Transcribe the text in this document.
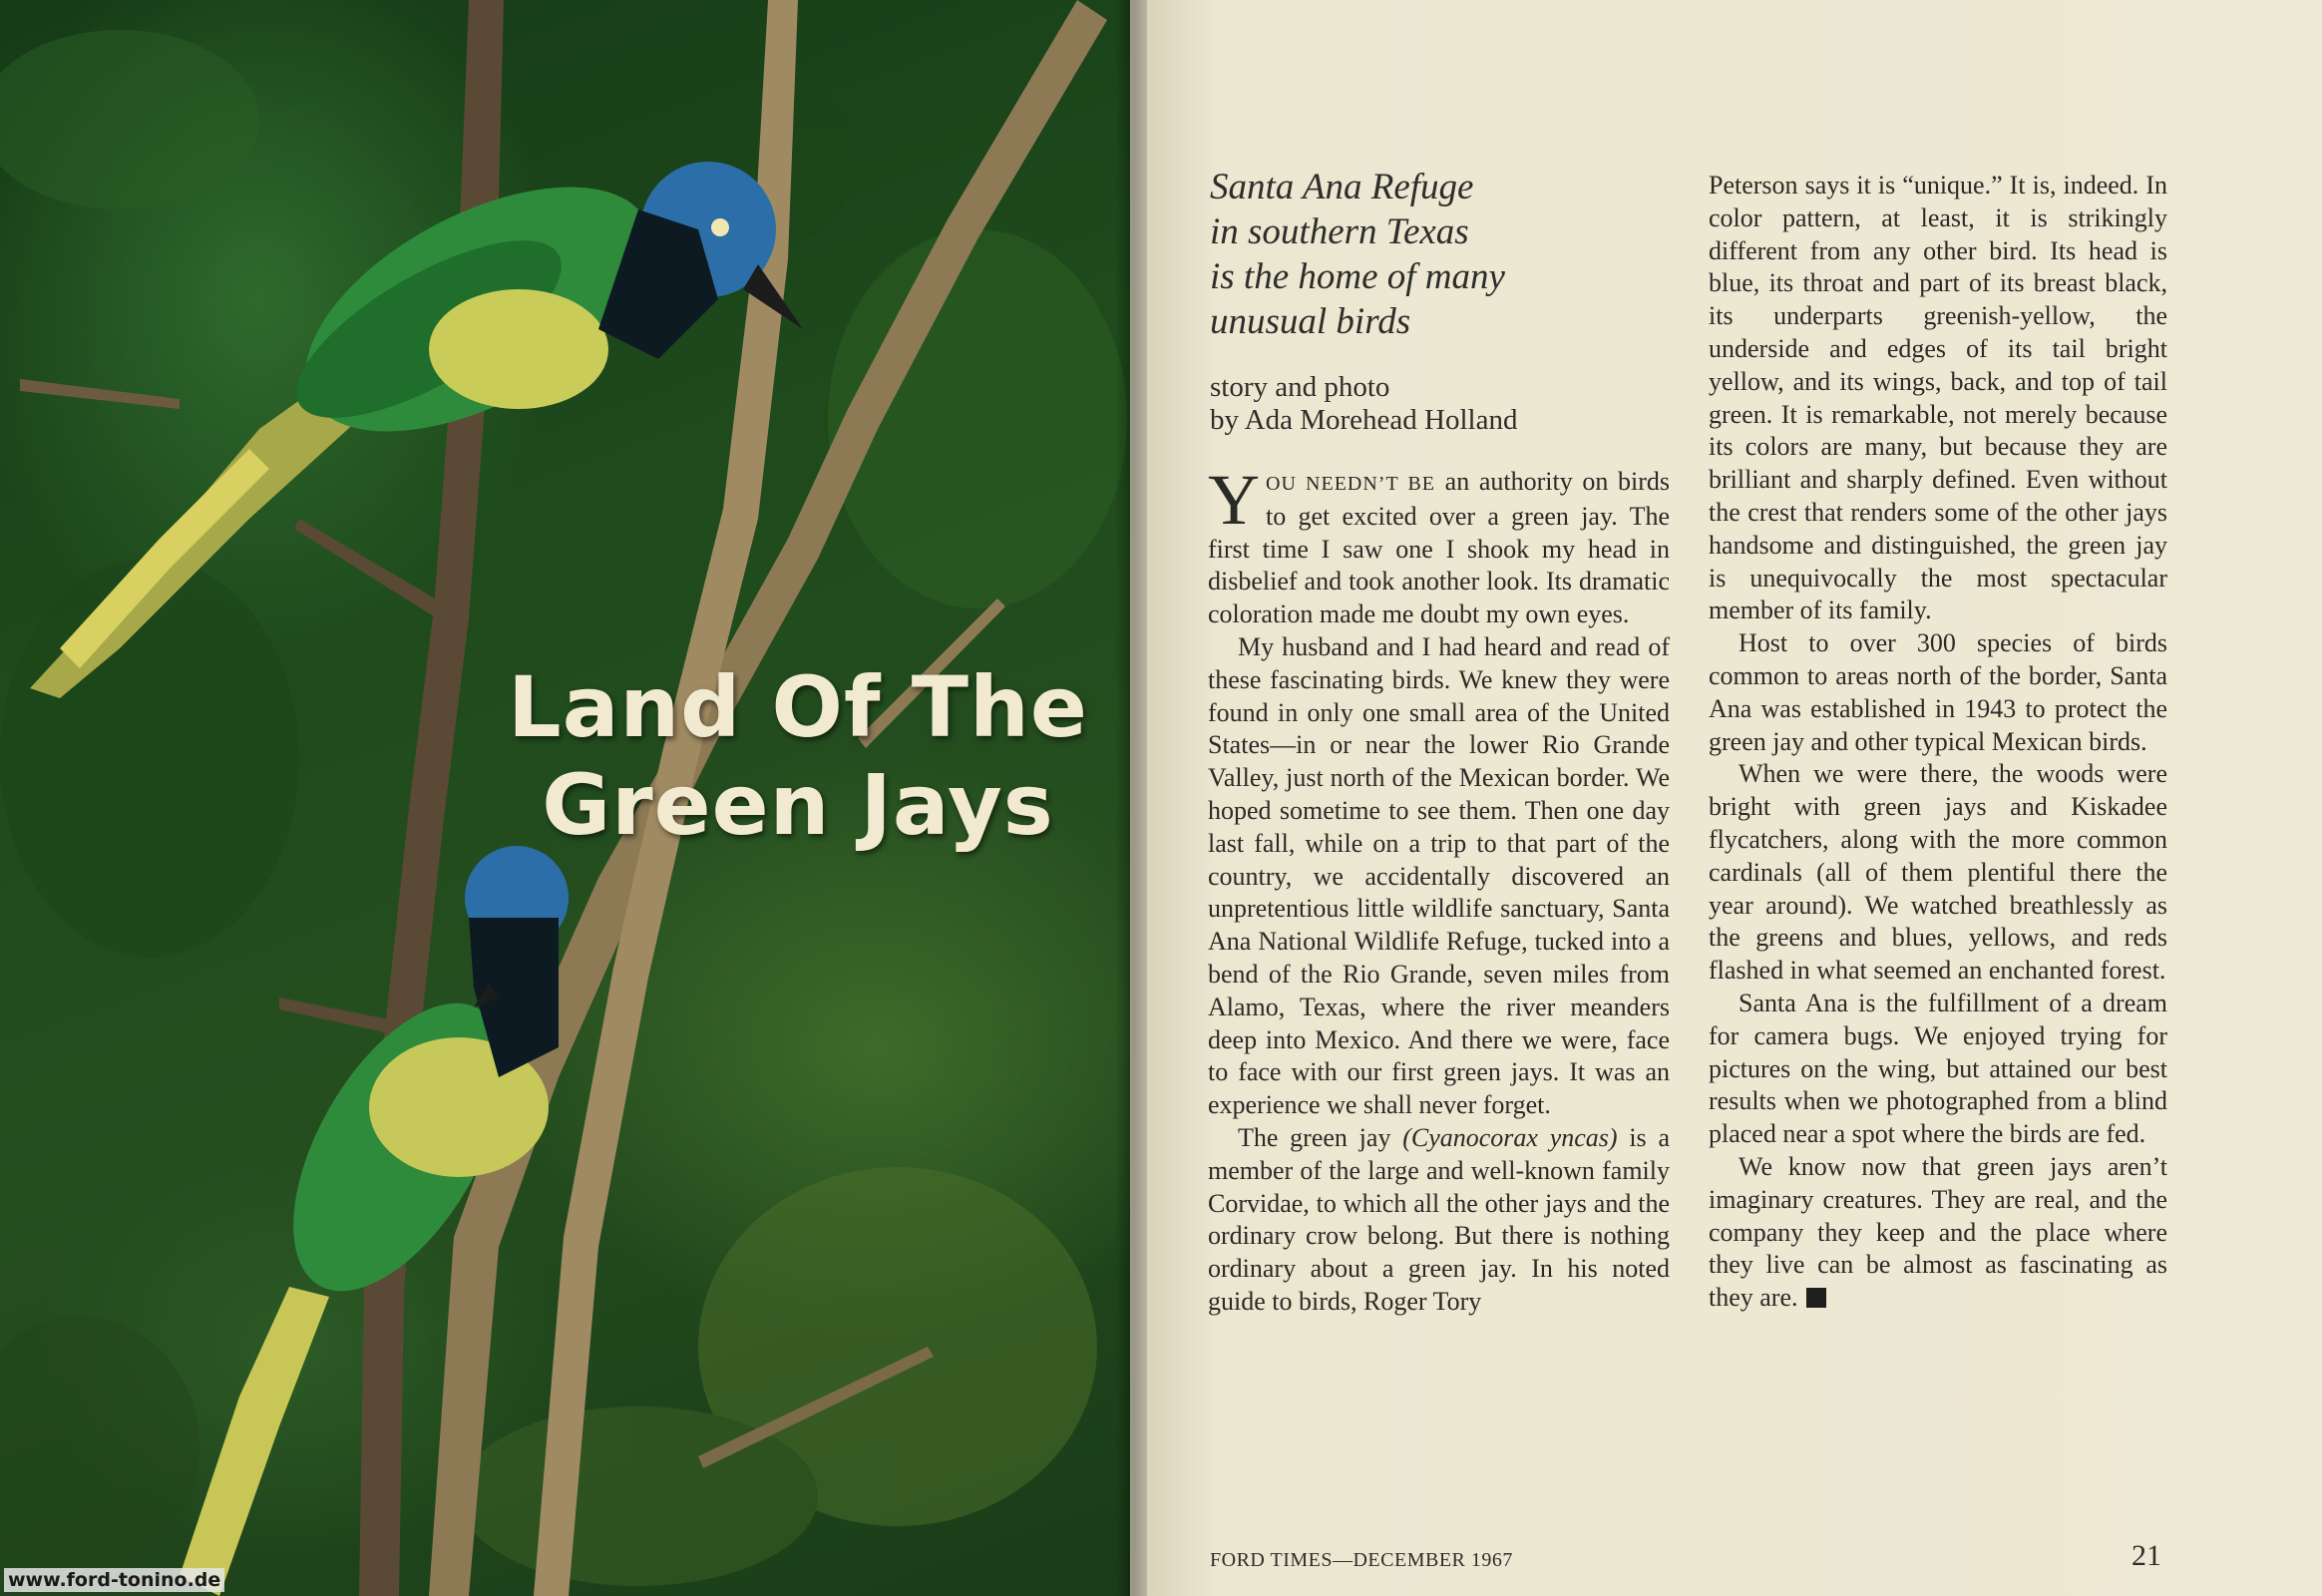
Land Of The
Green Jays
www.ford-tonino.de
Santa Ana Refuge
in southern Texas
is the home of many
unusual birds
story and photo
by Ada Morehead Holland

YOU NEEDN’T BE an authority on birds to get excited over a green jay. The first time I saw one I shook my head in disbelief and took another look. Its dramatic coloration made me doubt my own eyes.

My husband and I had heard and read of these fascinating birds. We knew they were found in only one small area of the United States—in or near the lower Rio Grande Valley, just north of the Mexican border. We hoped sometime to see them. Then one day last fall, while on a trip to that part of the country, we accidentally discovered an unpretentious little wildlife sanctuary, Santa Ana National Wildlife Refuge, tucked into a bend of the Rio Grande, seven miles from Alamo, Texas, where the river meanders deep into Mexico. And there we were, face to face with our first green jays. It was an experience we shall never forget.

The green jay (Cyanocorax yncas) is a member of the large and well-known family Corvidae, to which all the other jays and the ordinary crow belong. But there is nothing ordinary about a green jay. In his noted guide to birds, Roger Tory

Peterson says it is “unique.” It is, indeed. In color pattern, at least, it is strikingly different from any other bird. Its head is blue, its throat and part of its breast black, its underparts greenish-yellow, the underside and edges of its tail bright yellow, and its wings, back, and top of tail green. It is remarkable, not merely because its colors are many, but because they are brilliant and sharply defined. Even without the crest that renders some of the other jays handsome and distinguished, the green jay is unequivocally the most spectacular member of its family.

Host to over 300 species of birds common to areas north of the border, Santa Ana was established in 1943 to protect the green jay and other typical Mexican birds.

When we were there, the woods were bright with green jays and Kiskadee flycatchers, along with the more common cardinals (all of them plentiful there the year around). We watched breathlessly as the greens and blues, yellows, and reds flashed in what seemed an enchanted forest.

Santa Ana is the fulfillment of a dream for camera bugs. We enjoyed trying for pictures on the wing, but attained our best results when we photographed from a blind placed near a spot where the birds are fed.

We know now that green jays aren’t imaginary creatures. They are real, and the company they keep and the place where they live can be almost as fascinating as they are.

FORD TIMES—DECEMBER 1967	21
